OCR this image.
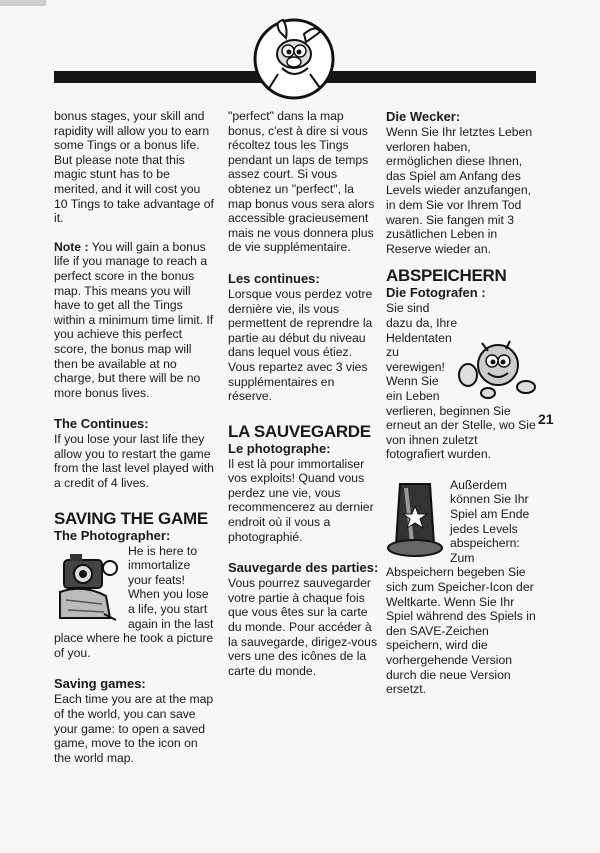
bonus stages, your skill and rapidity will allow you to earn some Tings or a bonus life. But please note that this magic stunt has to be merited, and it will cost you 10 Tings to take advantage of it.

Note : You will gain a bonus life if you manage to reach a perfect score in the bonus map. This means you will have to get all the Tings within a minimum time limit. If you achieve this perfect score, the bonus map will then be available at no charge, but there will be no more bonus lives.

The Continues:

If you lose your last life they allow you to restart the game from the last level played with a credit of 4 lives.

SAVING THE GAME
The Photographer:

He is here to immortalize your feats! When you lose a life, you start again in the last place where he took a picture of you.

Saving games:

Each time you are at the map of the world, you can save your game: to open a saved game, move to the icon on the world map.

"perfect" dans la map bonus, c'est à dire si vous récoltez tous les Tings pendant un laps de temps assez court. Si vous obtenez un "perfect", la map bonus vous sera alors accessible gracieusement mais ne vous donnera plus de vie supplémentaire.

Les continues:

Lorsque vous perdez votre dernière vie, ils vous permettent de reprendre la partie au début du niveau dans lequel vous étiez. Vous repartez avec 3 vies supplémentaires en réserve.

LA SAUVEGARDE
Le photographe:

Il est là pour immortaliser vos exploits! Quand vous perdez une vie, vous recommencerez au dernier endroit où il vous a photographié.

Sauvegarde des parties:

Vous pourrez sauvegarder votre partie à chaque fois que vous êtes sur la carte du monde. Pour accéder à la sauvegarde, dirigez-vous vers une des icônes de la carte du monde.

Die Wecker:

Wenn Sie Ihr letztes Leben verloren haben, ermöglichen diese Ihnen, das Spiel am Anfang des Levels wieder anzufangen, in dem Sie vor Ihrem Tod waren. Sie fangen mit 3 zusätlichen Leben in Reserve wieder an.

ABSPEICHERN
Die Fotografen :

Sie sind dazu da, Ihre Heldentaten zu verewigen! Wenn Sie ein Leben verlieren, beginnen Sie erneut an der Stelle, wo Sie von ihnen zuletzt fotografiert wurden.

Außerdem können Sie Ihr Spiel am Ende jedes Levels abspeichern: Zum Abspeichern begeben Sie sich zum Speicher-Icon der Weltkarte. Wenn Sie Ihr Spiel während des Spiels in den SAVE-Zeichen speichern, wird die vorhergehende Version durch die neue Version ersetzt.

21
